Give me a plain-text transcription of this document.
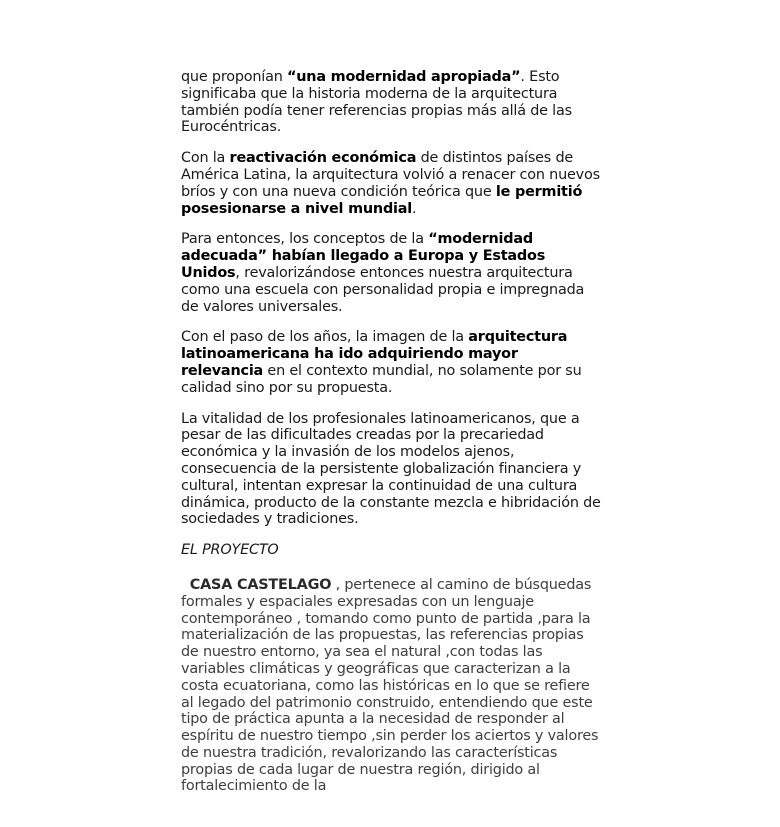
que proponían “una modernidad apropiada”. Esto significaba que la historia moderna de la arquitectura también podía tener referencias propias más allá de las Eurocéntricas.

Con la reactivación económica de distintos países de América Latina, la arquitectura volvió a renacer con nuevos bríos y con una nueva condición teórica que le permitió posesionarse a nivel mundial.

Para entonces, los conceptos de la “modernidad adecuada” habían llegado a Europa y Estados Unidos, revalorizándose entonces nuestra arquitectura como una escuela con personalidad propia e impregnada de valores universales.

Con el paso de los años, la imagen de la arquitectura latinoamericana ha ido adquiriendo mayor relevancia en el contexto mundial, no solamente por su calidad sino por su propuesta.

La vitalidad de los profesionales latinoamericanos, que a pesar de las dificultades creadas por la precariedad económica y la invasión de los modelos ajenos, consecuencia de la persistente globalización financiera y cultural, intentan expresar la continuidad de una cultura dinámica, producto de la constante mezcla e hibridación de sociedades y tradiciones.

EL PROYECTO

CASA CASTELAGO , pertenece al camino de búsquedas formales y espaciales expresadas con un lenguaje contemporáneo , tomando como punto de partida ,para la materialización de las propuestas, las referencias propias de nuestro entorno, ya sea el natural ,con todas las variables climáticas y geográficas que caracterizan a la costa ecuatoriana, como las históricas en lo que se refiere al legado del patrimonio construido, entendiendo que este tipo de práctica apunta a la necesidad de responder al espíritu de nuestro tiempo ,sin perder los aciertos y valores de nuestra tradición, revalorizando las características propias de cada lugar de nuestra región, dirigido al fortalecimiento de la
